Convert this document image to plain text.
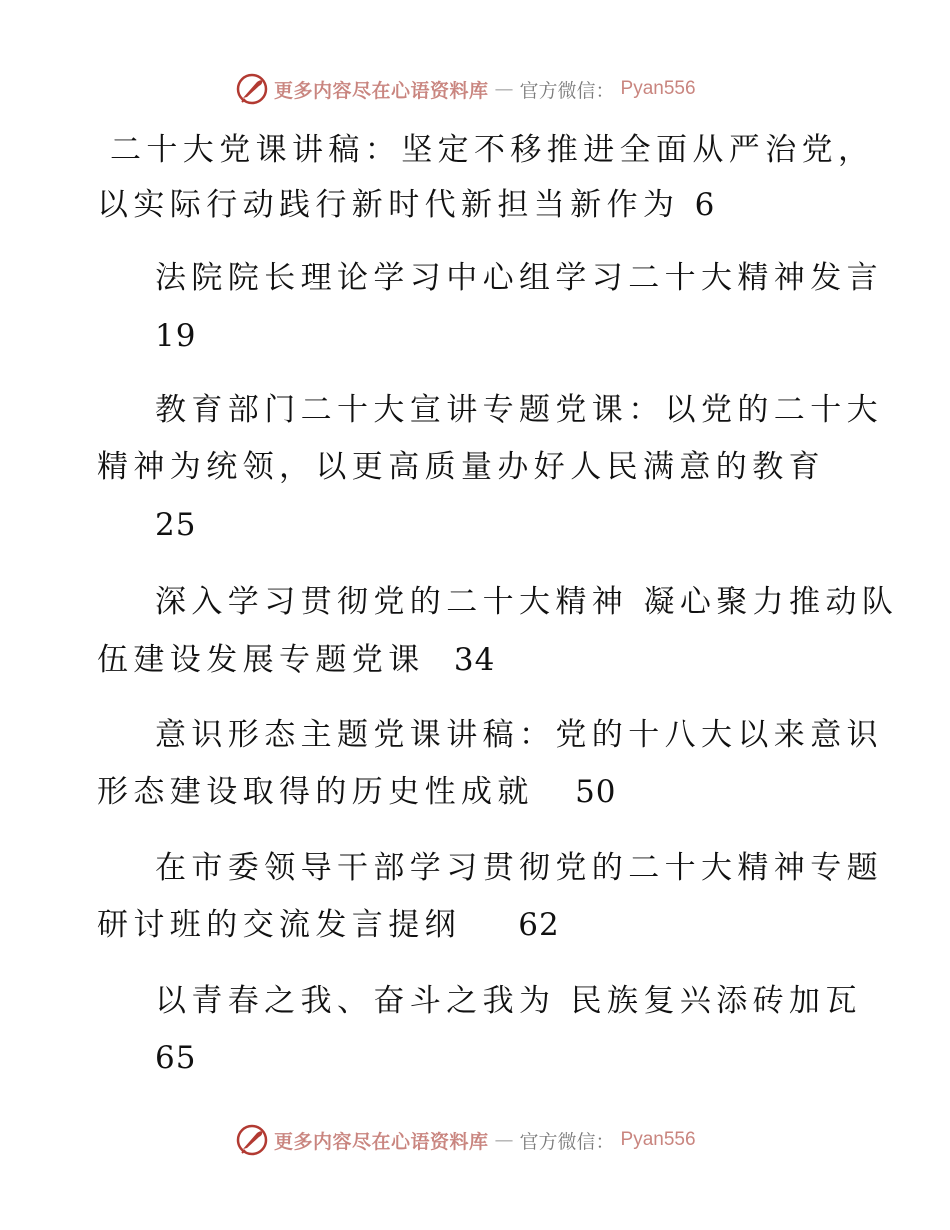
更多内容尽在心语资料库 — 官方微信： Pyan556
二十大党课讲稿：坚定不移推进全面从严治党，
以实际行动践行新时代新担当新作为 6
法院院长理论学习中心组学习二十大精神发言
19
教育部门二十大宣讲专题党课：以党的二十大
精神为统领，以更高质量办好人民满意的教育
25
深入学习贯彻党的二十大精神 凝心聚力推动队
伍建设发展专题党课 34
意识形态主题党课讲稿：党的十八大以来意识
形态建设取得的历史性成就 50
在市委领导干部学习贯彻党的二十大精神专题
研讨班的交流发言提纲 62
以青春之我、奋斗之我为 民族复兴添砖加瓦
65
更多内容尽在心语资料库 — 官方微信： Pyan556
